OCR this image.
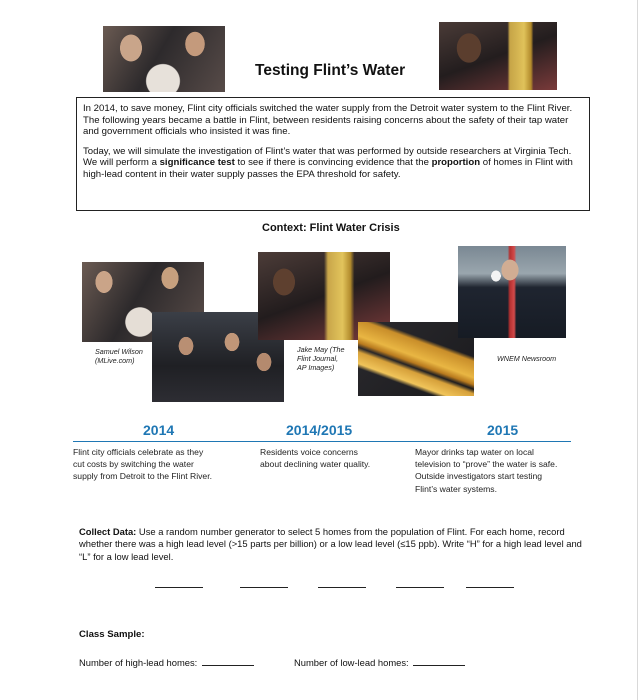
Testing Flint’s Water

In 2014, to save money, Flint city officials switched the water supply from the Detroit water system to the Flint River. The following years became a battle in Flint, between residents raising concerns about the safety of their tap water and government officials who insisted it was fine.

Today, we will simulate the investigation of Flint’s water that was performed by outside researchers at Virginia Tech. We will perform a significance test to see if there is convincing evidence that the proportion of homes in Flint with high-lead content in their water supply passes the EPA threshold for safety.

Context: Flint Water Crisis
Samuel Wilson
(MLive.com)
Jake May (The
Flint Journal,
AP Images)
WNEM Newsroom
2014	2014/2015	2015
Flint city officials celebrate as they
cut costs by switching the water
supply from Detroit to the Flint River.
Residents voice concerns
about declining water quality.
Mayor drinks tap water on local
television to “prove” the water is safe.
Outside investigators start testing
Flint’s water systems.
Collect Data: Use a random number generator to select 5 homes from the population of Flint. For each home, record whether there was a high lead level (>15 parts per billion) or a low lead level (≤15 ppb). Write “H” for a high lead level and “L” for a low lead level.
Class Sample:
Number of high-lead homes:	Number of low-lead homes:
